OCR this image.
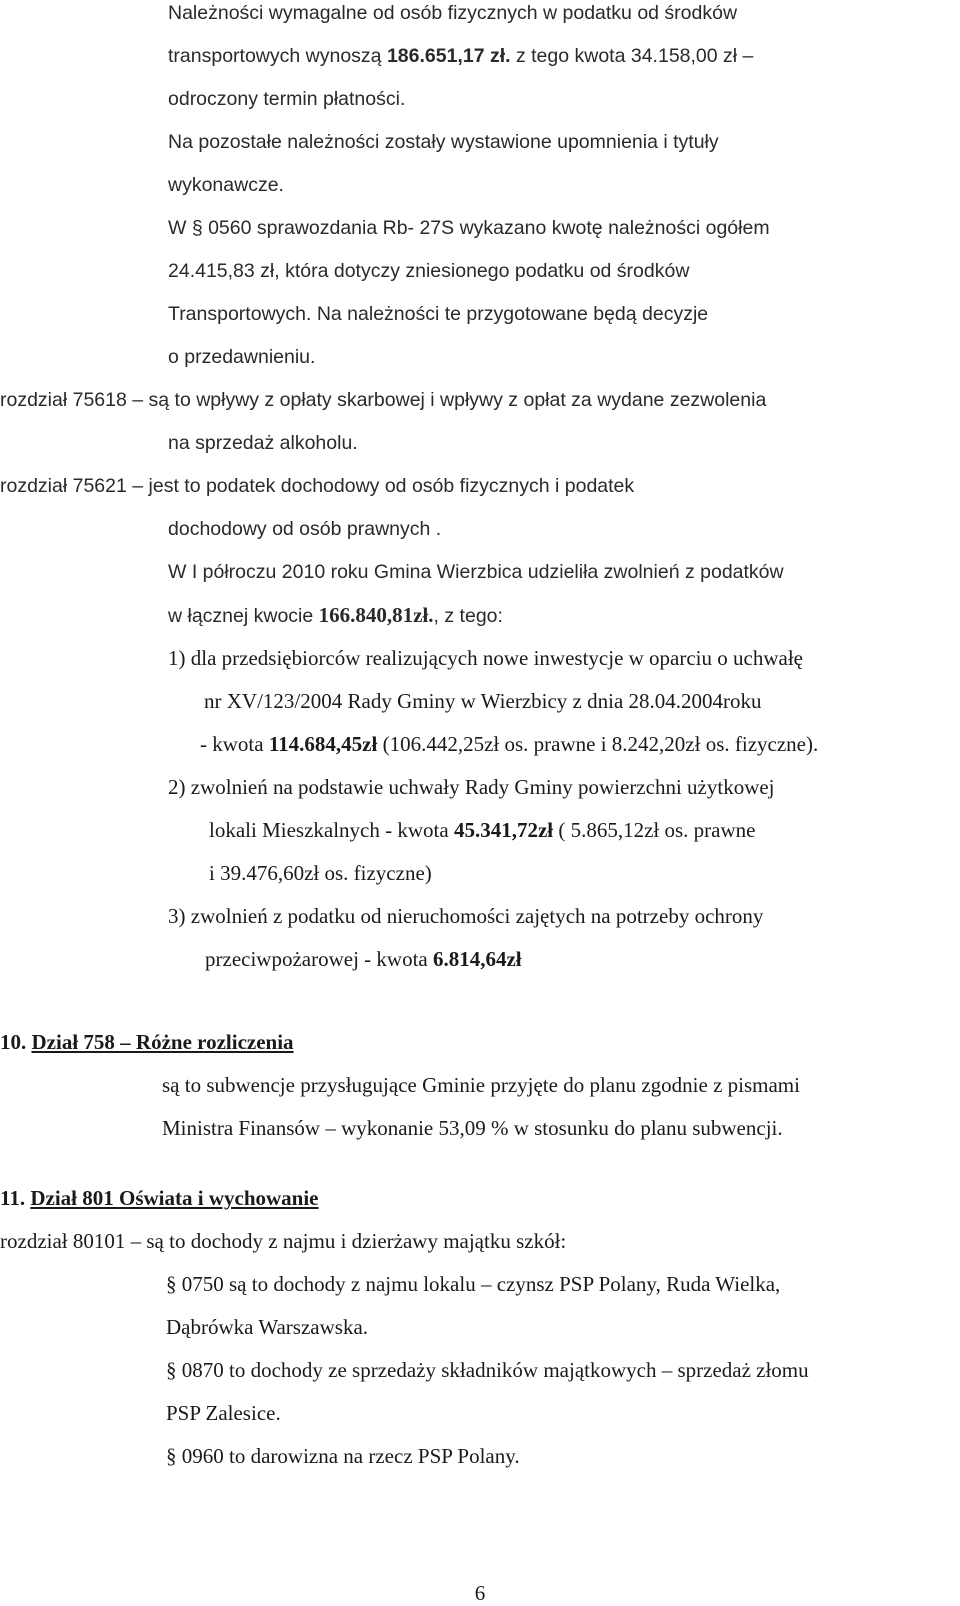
Należności wymagalne od osób fizycznych w podatku od środków
transportowych wynoszą 186.651,17 zł. z tego kwota 34.158,00 zł –
odroczony termin płatności.
Na pozostałe należności zostały wystawione upomnienia i tytuły
wykonawcze.
W § 0560 sprawozdania Rb- 27S wykazano kwotę należności ogółem
24.415,83 zł, która dotyczy zniesionego podatku od środków
Transportowych. Na należności te przygotowane będą decyzje
o przedawnieniu.
rozdział 75618 – są to wpływy z opłaty skarbowej i wpływy z opłat za wydane zezwolenia
na sprzedaż alkoholu.
rozdział 75621 – jest to podatek dochodowy od osób fizycznych i podatek
dochodowy od osób prawnych .
W I półroczu 2010 roku Gmina Wierzbica udzieliła zwolnień z podatków
w łącznej kwocie 166.840,81zł., z tego:
1) dla przedsiębiorców realizujących nowe inwestycje w oparciu o uchwałę
nr XV/123/2004 Rady Gminy w Wierzbicy z dnia 28.04.2004roku
- kwota 114.684,45zł (106.442,25zł os. prawne i 8.242,20zł os. fizyczne).
2) zwolnień na podstawie uchwały Rady Gminy powierzchni użytkowej
lokali Mieszkalnych - kwota 45.341,72zł ( 5.865,12zł os. prawne
i 39.476,60zł os. fizyczne)
3) zwolnień z podatku od nieruchomości zajętych na potrzeby ochrony
przeciwpożarowej - kwota 6.814,64zł
10. Dział 758 – Różne rozliczenia
są to subwencje przysługujące Gminie przyjęte do planu zgodnie z pismami
Ministra Finansów – wykonanie 53,09 % w stosunku do planu subwencji.
11. Dział 801 Oświata i wychowanie
rozdział 80101 – są to dochody z najmu i dzierżawy majątku szkół:
§ 0750 są to dochody z najmu lokalu – czynsz PSP Polany, Ruda Wielka,
Dąbrówka Warszawska.
§ 0870 to dochody ze sprzedaży składników majątkowych – sprzedaż złomu
PSP Zalesice.
§ 0960 to darowizna na rzecz PSP Polany.
6
